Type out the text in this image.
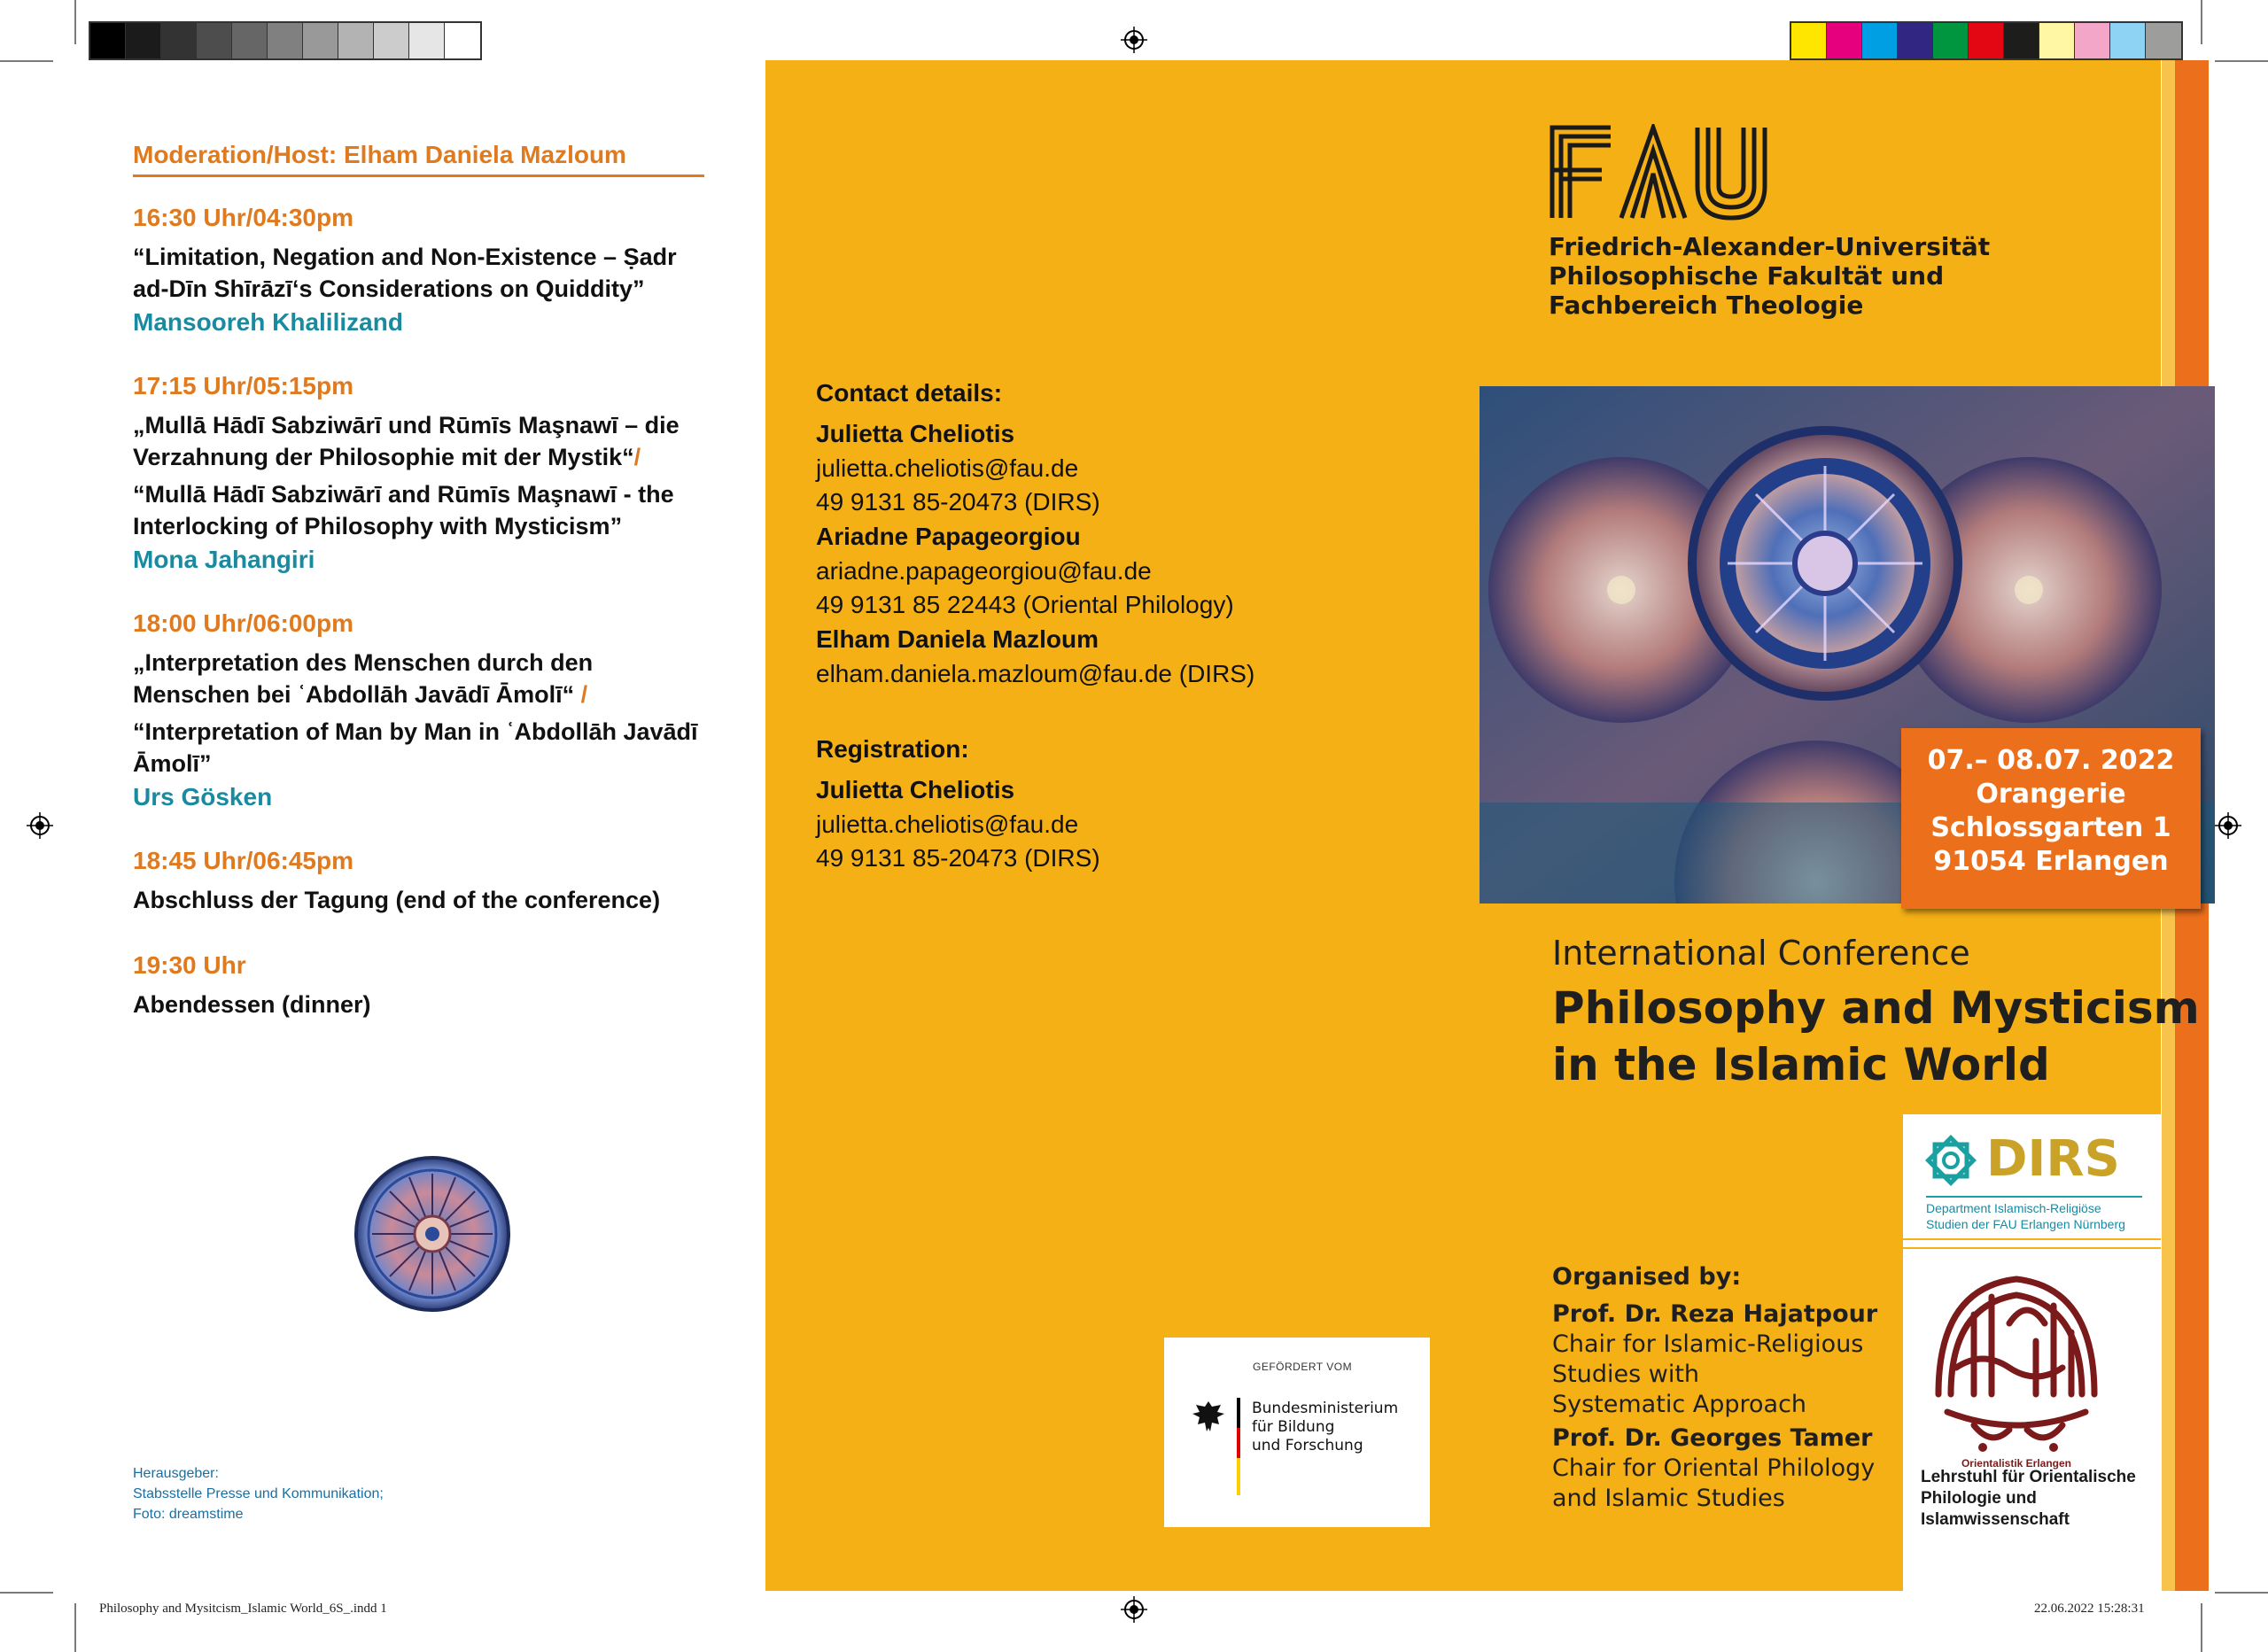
Moderation/Host: Elham Daniela Mazloum
16:30 Uhr/04:30pm
“Limitation, Negation and Non-Existence – Ṣadr ad-Dīn Shīrāzī‘s Considerations on Quiddity”
Mansooreh Khalilizand
17:15 Uhr/05:15pm
„Mullā Hādī Sabziwārī und Rūmīs Maşnawī – die Verzahnung der Philosophie mit der Mystik“/
“Mullā Hādī Sabziwārī and Rūmīs Maşnawī - the Interlocking of Philosophy with Mysticism”
Mona Jahangiri
18:00 Uhr/06:00pm
„Interpretation des Menschen durch den Menschen bei ʿAbdollāh Javādī Āmolī“ /
“Interpretation of Man by Man in ʿAbdollāh Javādī Āmolī”
Urs Gösken
18:45 Uhr/06:45pm
Abschluss der Tagung (end of the conference)
19:30 Uhr
Abendessen (dinner)
Herausgeber:
Stabsstelle Presse und Kommunikation;
Foto: dreamstime
Philosophy and Mysitcism_Islamic World_6S_.indd 1	22.06.2022 15:28:31
Contact details:
Julietta Cheliotis
julietta.cheliotis@fau.de
49 9131 85-20473 (DIRS)
Ariadne Papageorgiou
ariadne.papageorgiou@fau.de
49 9131 85 22443 (Oriental Philology)
Elham Daniela Mazloum
elham.daniela.mazloum@fau.de (DIRS)
Registration:
Julietta Cheliotis
julietta.cheliotis@fau.de
49 9131 85-20473 (DIRS)
Friedrich-Alexander-Universität
Philosophische Fakultät und
Fachbereich Theologie
07.– 08.07. 2022
Orangerie
Schlossgarten 1
91054 Erlangen
International Conference
Philosophy and Mysticism
in the Islamic World
DIRS
Department Islamisch-Religiöse
Studien der FAU Erlangen Nürnberg
Orientalistik Erlangen
Lehrstuhl für Orientalische
Philologie und
Islamwissenschaft
Organised by:
Prof. Dr. Reza Hajatpour
Chair for Islamic-Religious
Studies with
Systematic Approach
Prof. Dr. Georges Tamer
Chair for Oriental Philology
and Islamic Studies
GEFÖRDERT VOM
Bundesministerium
für Bildung
und Forschung
